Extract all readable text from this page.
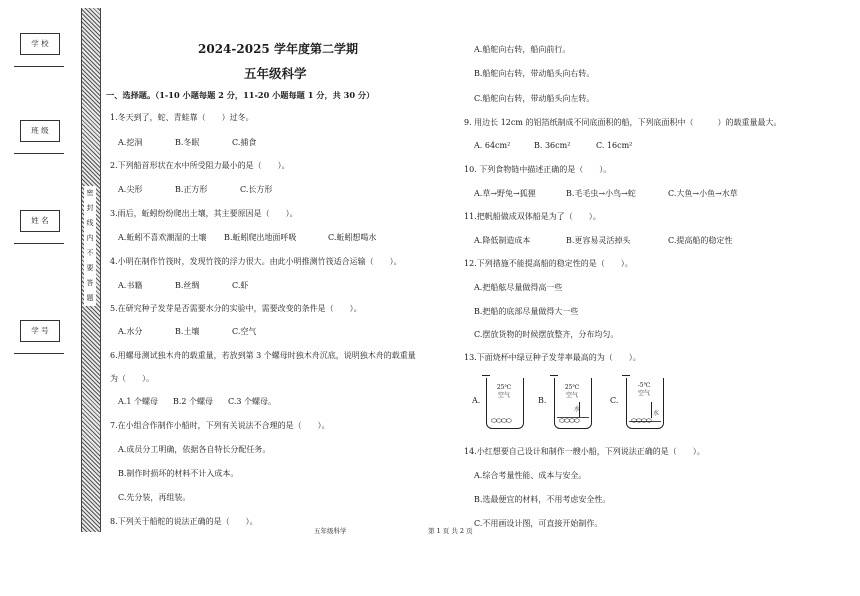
学 校
班 级
姓 名
学 号
密封线内不要答题
2024-2025 学年度第二学期
五年级科学
一、选择题。（1-10 小题每题 2 分，11-20 小题每题 1 分，共 30 分）
1.冬天到了，蛇、青蛙靠（　　）过冬。
A.挖洞	B.冬眠	C.捕食
2.下列船首形状在水中所受阻力最小的是（　　）。
A.尖形	B.正方形	C.长方形
3.雨后，蚯蚓纷纷爬出土壤，其主要原因是（　　）。
A.蚯蚓不喜欢潮湿的土壤 B.蚯蚓爬出地面呼吸	C.蚯蚓想喝水
4.小明在制作竹筏时，发现竹筏的浮力很大。由此小明推测竹筏适合运输（　　）。
A.书籍	B.丝绸	C.虾
5.在研究种子发芽是否需要水分的实验中，需要改变的条件是（　　）。
A.水分	B.土壤	C.空气
6.用螺母测试独木舟的载重量，若放到第 3 个螺母时独木舟沉底，说明独木舟的载重量
为（　　）。
A.1 个螺母 B.2 个螺母 C.3 个螺母。
7.在小组合作制作小船时，下列有关说法不合理的是（　　）。
A.成员分工明确，依据各自特长分配任务。
B.制作时损坏的材料不计入成本。
C.先分装，再组装。
8.下列关于船舵的说法正确的是（　　）。
A.船舵向右转，船向前行。
B.船舵向右转，带动船头向右转。
C.船舵向右转，带动船头向左转。
9. 用边长 12cm 的铝箔纸制成不同底面积的船，下列底面积中（　　　）的载重量最大。
A. 64cm²	B. 36cm²	C. 16cm²
10. 下列食物链中描述正确的是（　　）。
A.草→野兔→狐狸	B.毛毛虫→小鸟→蛇	C.大鱼→小鱼→水草
11.把帆船做成双体船是为了（　　）。
A.降低制造成本	B.更容易灵活掉头	C.提高船的稳定性
12.下列措施不能提高船的稳定性的是（　　）。
A.把船舷尽量做得高一些
B.把船的底部尽量做得大一些
C.摆放货物的时候摆放整齐，分布均匀。
13.下面烧杯中绿豆种子发芽率最高的为（　　）。
A.
25℃
空气
⬭⬭⬭⬭
B.
25℃
空气
水
⬭⬭⬭⬭
C.
-5℃
空气
水
⬭⬭⬭⬭
14.小红想要自己设计和制作一艘小船，下列说法正确的是（　　）。
A.综合考量性能、成本与安全。
B.选最便宜的材料，不用考虑安全性。
C.不用画设计图，可直接开始制作。
五年级科学	第 1 页 共 2 页
